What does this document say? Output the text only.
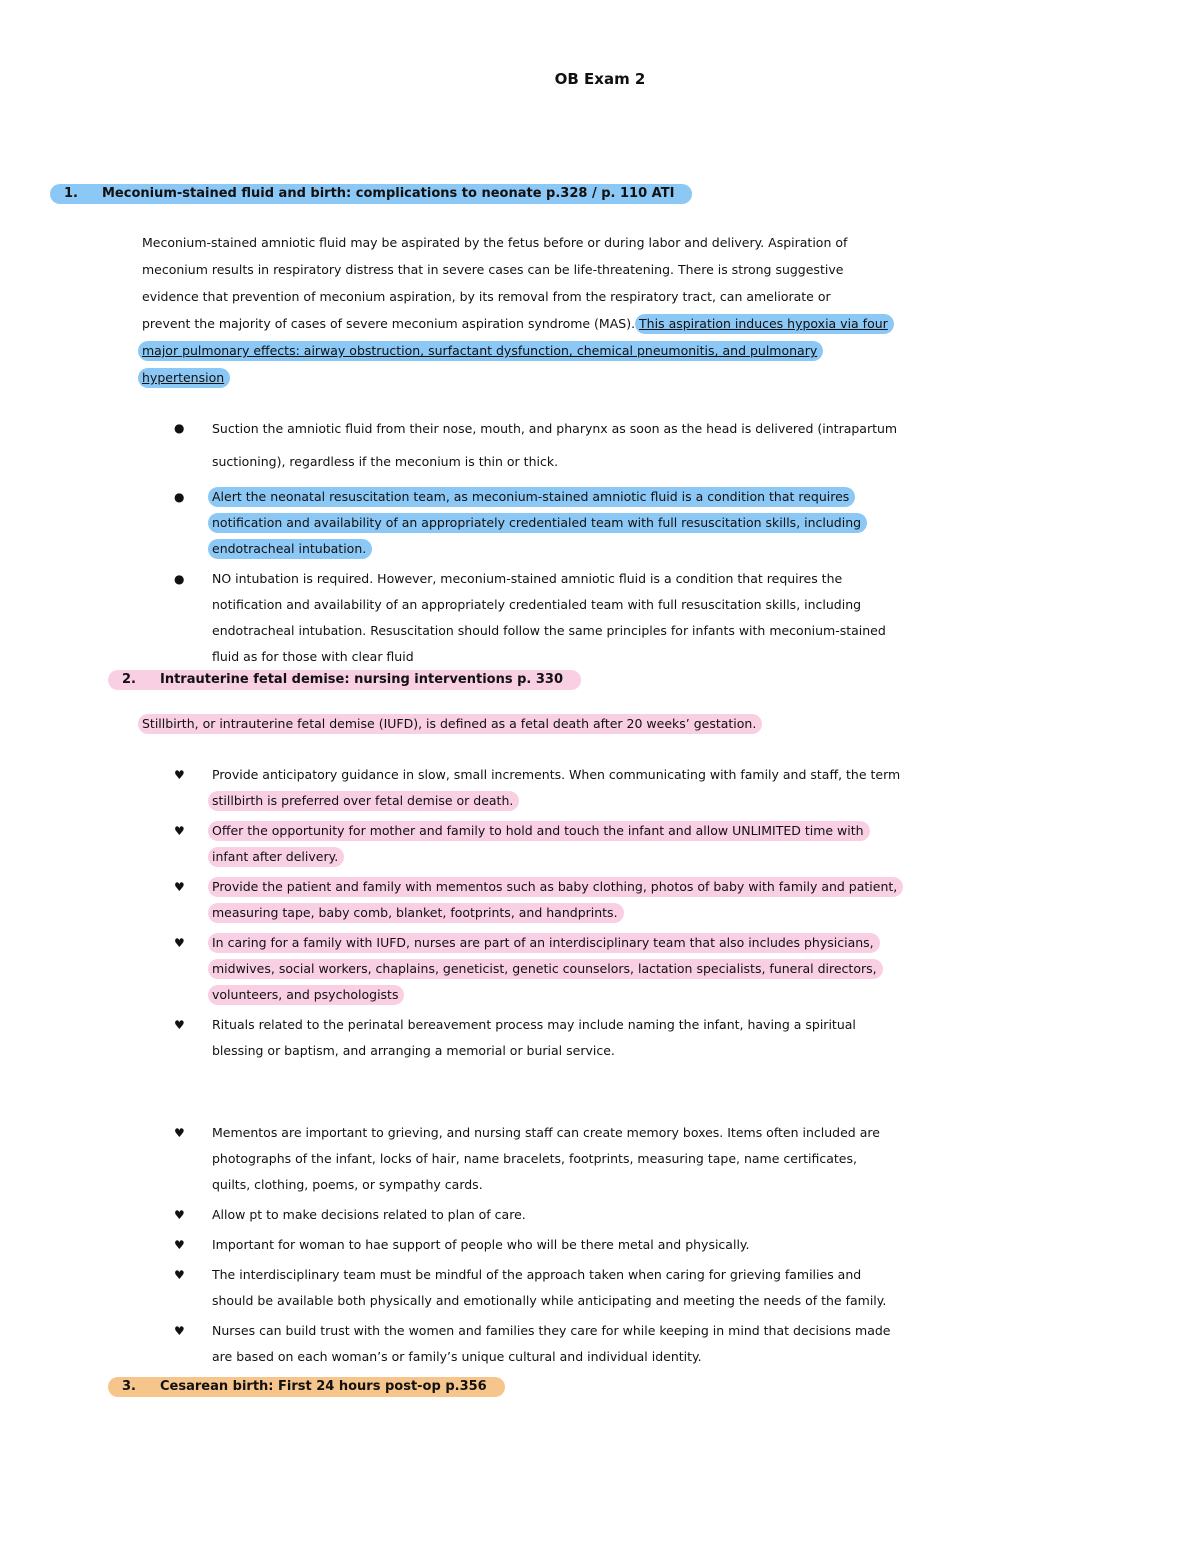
OB Exam 2
1. Meconium-stained fluid and birth: complications to neonate p.328 / p. 110 ATI
Meconium-stained amniotic fluid may be aspirated by the fetus before or during labor and delivery. Aspiration of
meconium results in respiratory distress that in severe cases can be life-threatening. There is strong suggestive
evidence that prevention of meconium aspiration, by its removal from the respiratory tract, can ameliorate or
prevent the majority of cases of severe meconium aspiration syndrome (MAS). This aspiration induces hypoxia via four
major pulmonary effects: airway obstruction, surfactant dysfunction, chemical pneumonitis, and pulmonary
hypertension
● Suction the amniotic fluid from their nose, mouth, and pharynx as soon as the head is delivered (intrapartum
suctioning), regardless if the meconium is thin or thick.
● Alert the neonatal resuscitation team, as meconium-stained amniotic fluid is a condition that requires
notification and availability of an appropriately credentialed team with full resuscitation skills, including
endotracheal intubation.
● NO intubation is required. However, meconium-stained amniotic fluid is a condition that requires the
notification and availability of an appropriately credentialed team with full resuscitation skills, including
endotracheal intubation. Resuscitation should follow the same principles for infants with meconium-stained
fluid as for those with clear fluid
2. Intrauterine fetal demise: nursing interventions p. 330
Stillbirth, or intrauterine fetal demise (IUFD), is defined as a fetal death after 20 weeks’ gestation.
♥ Provide anticipatory guidance in slow, small increments. When communicating with family and staff, the term
stillbirth is preferred over fetal demise or death.
♥ Offer the opportunity for mother and family to hold and touch the infant and allow UNLIMITED time with
infant after delivery.
♥ Provide the patient and family with mementos such as baby clothing, photos of baby with family and patient,
measuring tape, baby comb, blanket, footprints, and handprints.
♥ In caring for a family with IUFD, nurses are part of an interdisciplinary team that also includes physicians,
midwives, social workers, chaplains, geneticist, genetic counselors, lactation specialists, funeral directors,
volunteers, and psychologists
♥ Rituals related to the perinatal bereavement process may include naming the infant, having a spiritual
blessing or baptism, and arranging a memorial or burial service.
♥ Mementos are important to grieving, and nursing staff can create memory boxes. Items often included are
photographs of the infant, locks of hair, name bracelets, footprints, measuring tape, name certificates,
quilts, clothing, poems, or sympathy cards.
♥ Allow pt to make decisions related to plan of care.
♥ Important for woman to hae support of people who will be there metal and physically.
♥ The interdisciplinary team must be mindful of the approach taken when caring for grieving families and
should be available both physically and emotionally while anticipating and meeting the needs of the family.
♥ Nurses can build trust with the women and families they care for while keeping in mind that decisions made
are based on each woman’s or family’s unique cultural and individual identity.
3. Cesarean birth: First 24 hours post-op p.356
